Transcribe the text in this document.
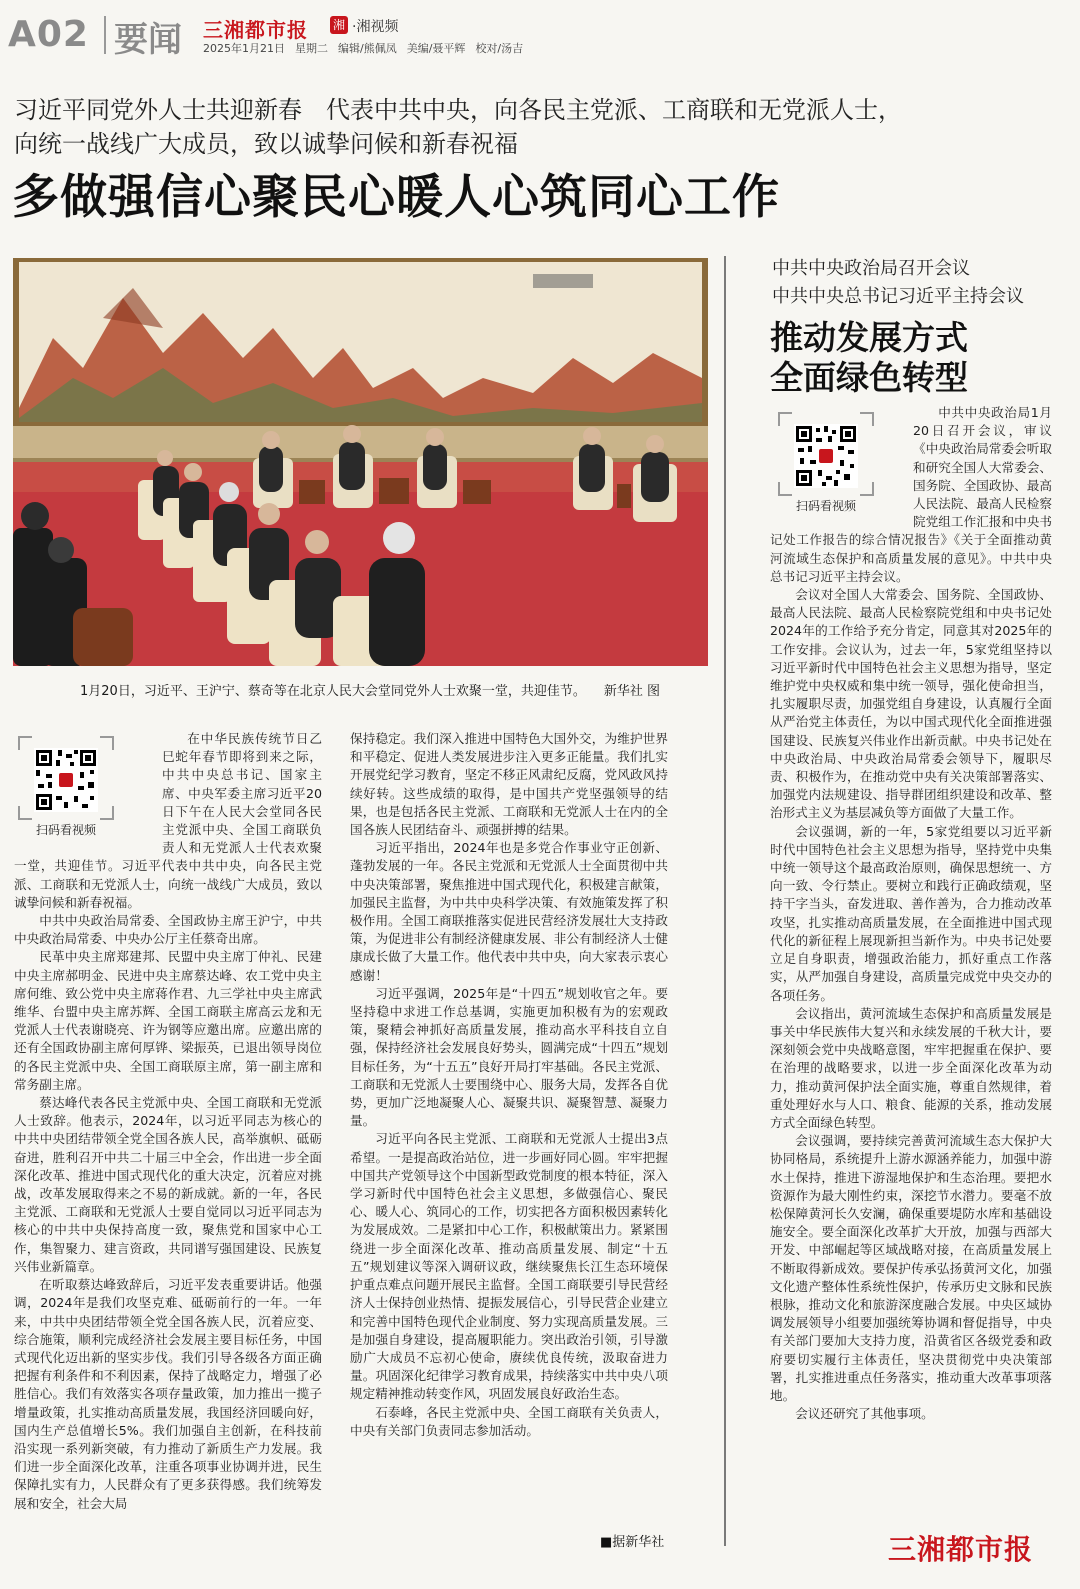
A02 要闻 三湘都市报 湘 ·湘视频
2025年1月21日 星期二 编辑/熊佩凤 美编/聂平辉 校对/汤吉
习近平同党外人士共迎新春　代表中共中央，向各民主党派、工商联和无党派人士，
向统一战线广大成员，致以诚挚问候和新春祝福
多做强信心聚民心暖人心筑同心工作
1月20日，习近平、王沪宁、蔡奇等在北京人民大会堂同党外人士欢聚一堂，共迎佳节。 新华社 图
中共中央政治局召开会议
中共中央总书记习近平主持会议
推动发展方式
全面绿色转型
扫码看视频
扫码看视频

在中华民族传统节日乙巳蛇年春节即将到来之际，中共中央总书记、国家主席、中央军委主席习近平20日下午在人民大会堂同各民主党派中央、全国工商联负责人和无党派人士代表欢聚一堂，共迎佳节。习近平代表中共中央，向各民主党派、工商联和无党派人士，向统一战线广大成员，致以诚挚问候和新春祝福。

中共中央政治局常委、全国政协主席王沪宁，中共中央政治局常委、中央办公厅主任蔡奇出席。

民革中央主席郑建邦、民盟中央主席丁仲礼、民建中央主席郝明金、民进中央主席蔡达峰、农工党中央主席何维、致公党中央主席蒋作君、九三学社中央主席武维华、台盟中央主席苏辉、全国工商联主席高云龙和无党派人士代表谢晓亮、许为钢等应邀出席。应邀出席的还有全国政协副主席何厚铧、梁振英，已退出领导岗位的各民主党派中央、全国工商联原主席，第一副主席和常务副主席。

蔡达峰代表各民主党派中央、全国工商联和无党派人士致辞。他表示，2024年，以习近平同志为核心的中共中央团结带领全党全国各族人民，高举旗帜、砥砺奋进，胜利召开中共二十届三中全会，作出进一步全面深化改革、推进中国式现代化的重大决定，沉着应对挑战，改革发展取得来之不易的新成就。新的一年，各民主党派、工商联和无党派人士要自觉同以习近平同志为核心的中共中央保持高度一致，聚焦党和国家中心工作，集智聚力、建言资政，共同谱写强国建设、民族复兴伟业新篇章。

在听取蔡达峰致辞后，习近平发表重要讲话。他强调，2024年是我们攻坚克难、砥砺前行的一年。一年来，中共中央团结带领全党全国各族人民，沉着应变、综合施策，顺利完成经济社会发展主要目标任务，中国式现代化迈出新的坚实步伐。我们引导各级各方面正确把握有利条件和不利因素，保持了战略定力，增强了必胜信心。我们有效落实各项存量政策，加力推出一揽子增量政策，扎实推动高质量发展，我国经济回暖向好，国内生产总值增长5%。我们加强自主创新，在科技前沿实现一系列新突破，有力推动了新质生产力发展。我们进一步全面深化改革，注重各项事业协调并进，民生保障扎实有力，人民群众有了更多获得感。我们统筹发展和安全，社会大局

保持稳定。我们深入推进中国特色大国外交，为维护世界和平稳定、促进人类发展进步注入更多正能量。我们扎实开展党纪学习教育，坚定不移正风肃纪反腐，党风政风持续好转。这些成绩的取得，是中国共产党坚强领导的结果，也是包括各民主党派、工商联和无党派人士在内的全国各族人民团结奋斗、顽强拼搏的结果。

习近平指出，2024年也是多党合作事业守正创新、蓬勃发展的一年。各民主党派和无党派人士全面贯彻中共中央决策部署，聚焦推进中国式现代化，积极建言献策，加强民主监督，为中共中央科学决策、有效施策发挥了积极作用。全国工商联推落实促进民营经济发展壮大支持政策，为促进非公有制经济健康发展、非公有制经济人士健康成长做了大量工作。他代表中共中央，向大家表示衷心感谢！

习近平强调，2025年是“十四五”规划收官之年。要坚持稳中求进工作总基调，实施更加积极有为的宏观政策，聚精会神抓好高质量发展，推动高水平科技自立自强，保持经济社会发展良好势头，圆满完成“十四五”规划目标任务，为“十五五”良好开局打牢基础。各民主党派、工商联和无党派人士要围绕中心、服务大局，发挥各自优势，更加广泛地凝聚人心、凝聚共识、凝聚智慧、凝聚力量。

习近平向各民主党派、工商联和无党派人士提出3点希望。一是提高政治站位，进一步画好同心圆。牢牢把握中国共产党领导这个中国新型政党制度的根本特征，深入学习新时代中国特色社会主义思想，多做强信心、聚民心、暖人心、筑同心的工作，切实把各方面积极因素转化为发展成效。二是紧扣中心工作，积极献策出力。紧紧围绕进一步全面深化改革、推动高质量发展、制定“十五五”规划建议等深入调研议政，继续聚焦长江生态环境保护重点难点问题开展民主监督。全国工商联要引导民营经济人士保持创业热情、提振发展信心，引导民营企业建立和完善中国特色现代企业制度、努力实现高质量发展。三是加强自身建设，提高履职能力。突出政治引领，引导激励广大成员不忘初心使命，赓续优良传统，汲取奋进力量。巩固深化纪律学习教育成果，持续落实中共中央八项规定精神推动转变作风，巩固发展良好政治生态。

石泰峰，各民主党派中央、全国工商联有关负责人，中央有关部门负责同志参加活动。

■据新华社

中共中央政治局1月20日召开会议，审议《中央政治局常委会听取和研究全国人大常委会、国务院、全国政协、最高人民法院、最高人民检察院党组工作汇报和中央书记处工作报告的综合情况报告》《关于全面推动黄河流域生态保护和高质量发展的意见》。中共中央总书记习近平主持会议。

会议对全国人大常委会、国务院、全国政协、最高人民法院、最高人民检察院党组和中央书记处2024年的工作给予充分肯定，同意其对2025年的工作安排。会议认为，过去一年，5家党组坚持以习近平新时代中国特色社会主义思想为指导，坚定维护党中央权威和集中统一领导，强化使命担当，扎实履职尽责，加强党组自身建设，认真履行全面从严治党主体责任，为以中国式现代化全面推进强国建设、民族复兴伟业作出新贡献。中央书记处在中央政治局、中央政治局常委会领导下，履职尽责、积极作为，在推动党中央有关决策部署落实、加强党内法规建设、指导群团组织建设和改革、整治形式主义为基层减负等方面做了大量工作。

会议强调，新的一年，5家党组要以习近平新时代中国特色社会主义思想为指导，坚持党中央集中统一领导这个最高政治原则，确保思想统一、方向一致、令行禁止。要树立和践行正确政绩观，坚持干字当头，奋发进取、善作善为，合力推动改革攻坚，扎实推动高质量发展，在全面推进中国式现代化的新征程上展现新担当新作为。中央书记处要立足自身职责，增强政治能力，抓好重点工作落实，从严加强自身建设，高质量完成党中央交办的各项任务。

会议指出，黄河流域生态保护和高质量发展是事关中华民族伟大复兴和永续发展的千秋大计，要深刻领会党中央战略意图，牢牢把握重在保护、要在治理的战略要求，以进一步全面深化改革为动力，推动黄河保护法全面实施，尊重自然规律，着重处理好水与人口、粮食、能源的关系，推动发展方式全面绿色转型。

会议强调，要持续完善黄河流域生态大保护大协同格局，系统提升上游水源涵养能力，加强中游水土保持，推进下游湿地保护和生态治理。要把水资源作为最大刚性约束，深挖节水潜力。要毫不放松保障黄河长久安澜，确保重要堤防水库和基础设施安全。要全面深化改革扩大开放，加强与西部大开发、中部崛起等区域战略对接，在高质量发展上不断取得新成效。要保护传承弘扬黄河文化，加强文化遗产整体性系统性保护，传承历史文脉和民族根脉，推动文化和旅游深度融合发展。中央区域协调发展领导小组要加强统筹协调和督促指导，中央有关部门要加大支持力度，沿黄省区各级党委和政府要切实履行主体责任，坚决贯彻党中央决策部署，扎实推进重点任务落实，推动重大改革事项落地。

会议还研究了其他事项。

三湘都市报
